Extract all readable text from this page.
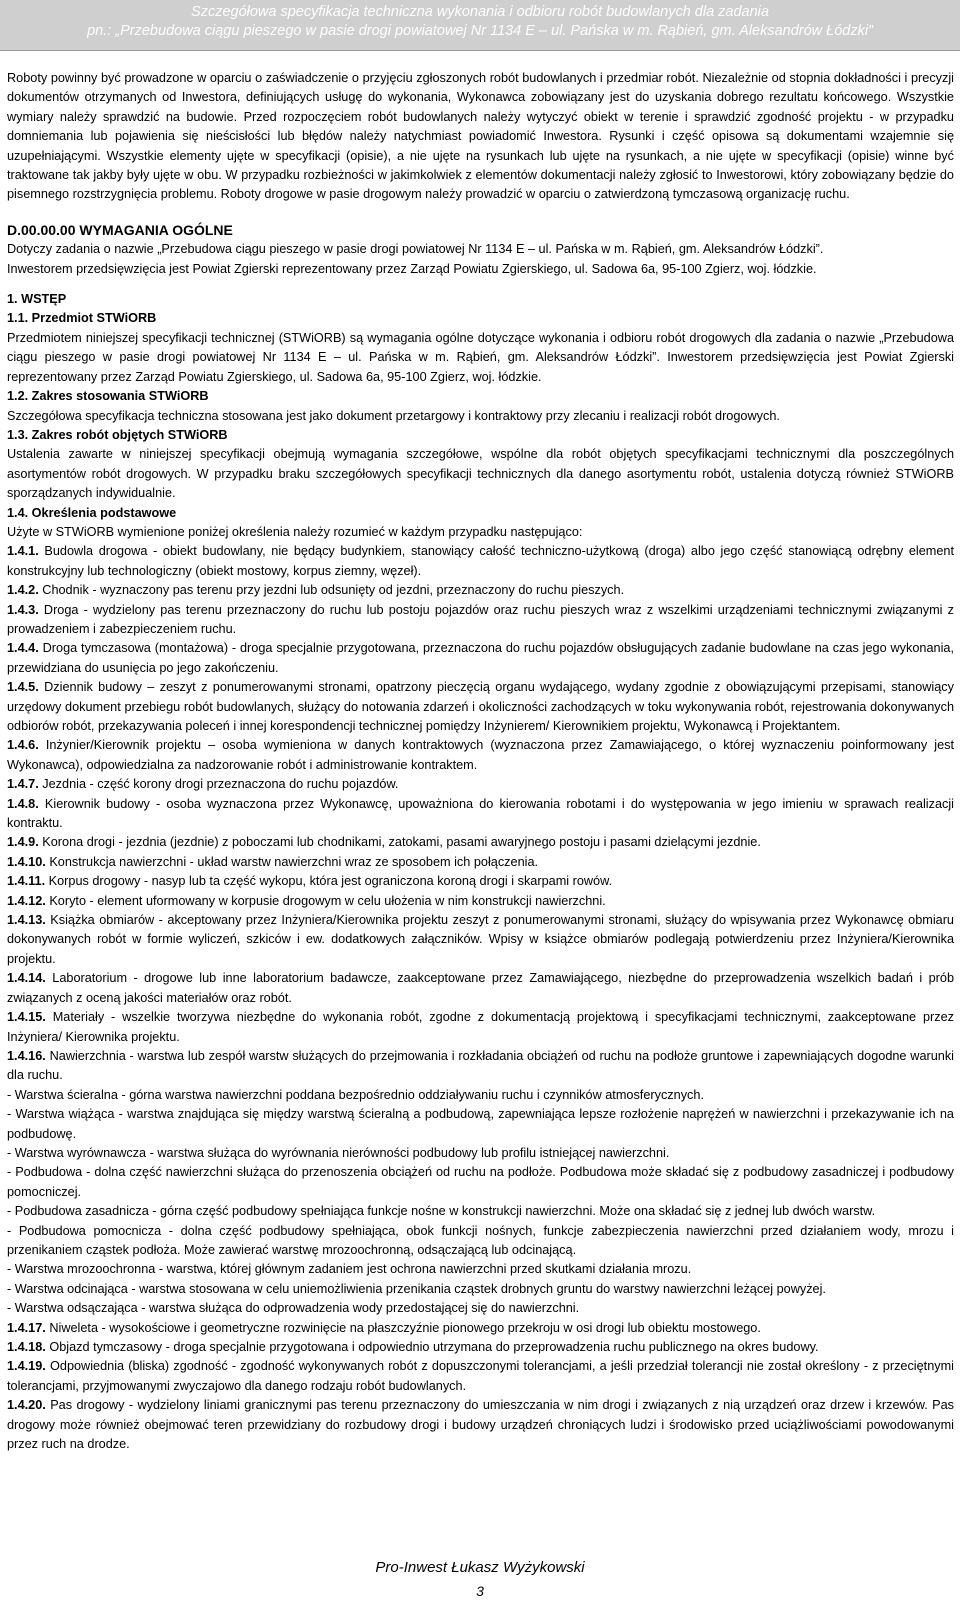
Szczegółowa specyfikacja techniczna wykonania i odbioru robót budowlanych dla zadania
pn.: „Przebudowa ciągu pieszego w pasie drogi powiatowej Nr 1134 E – ul. Pańska w m. Rąbień, gm. Aleksandrów Łódzki”

Roboty powinny być prowadzone w oparciu o zaświadczenie o przyjęciu zgłoszonych robót budowlanych i przedmiar robót. Niezależnie od stopnia dokładności i precyzji dokumentów otrzymanych od Inwestora, definiujących usługę do wykonania, Wykonawca zobowiązany jest do uzyskania dobrego rezultatu końcowego. Wszystkie wymiary należy sprawdzić na budowie. Przed rozpoczęciem robót budowlanych należy wytyczyć obiekt w terenie i sprawdzić zgodność projektu - w przypadku domniemania lub pojawienia się nieścisłości lub błędów należy natychmiast powiadomić Inwestora. Rysunki i część opisowa są dokumentami wzajemnie się uzupełniającymi. Wszystkie elementy ujęte w specyfikacji (opisie), a nie ujęte na rysunkach lub ujęte na rysunkach, a nie ujęte w specyfikacji (opisie) winne być traktowane tak jakby były ujęte w obu. W przypadku rozbieżności w jakimkolwiek z elementów dokumentacji należy zgłosić to Inwestorowi, który zobowiązany będzie do pisemnego rozstrzygnięcia problemu. Roboty drogowe w pasie drogowym należy prowadzić w oparciu o zatwierdzoną tymczasową organizację ruchu.

D.00.00.00 WYMAGANIA OGÓLNE

Dotyczy zadania o nazwie „Przebudowa ciągu pieszego w pasie drogi powiatowej Nr 1134 E – ul. Pańska w m. Rąbień, gm. Aleksandrów Łódzki”.

Inwestorem przedsięwzięcia jest Powiat Zgierski reprezentowany przez Zarząd Powiatu Zgierskiego, ul. Sadowa 6a, 95-100 Zgierz, woj. łódzkie.

1. WSTĘP

1.1. Przedmiot STWiORB

Przedmiotem niniejszej specyfikacji technicznej (STWiORB) są wymagania ogólne dotyczące wykonania i odbioru robót drogowych dla zadania o nazwie „Przebudowa ciągu pieszego w pasie drogi powiatowej Nr 1134 E – ul. Pańska w m. Rąbień, gm. Aleksandrów Łódzki”. Inwestorem przedsięwzięcia jest Powiat Zgierski reprezentowany przez Zarząd Powiatu Zgierskiego, ul. Sadowa 6a, 95-100 Zgierz, woj. łódzkie.

1.2. Zakres stosowania STWiORB

Szczegółowa specyfikacja techniczna stosowana jest jako dokument przetargowy i kontraktowy przy zlecaniu i realizacji robót drogowych.

1.3. Zakres robót objętych STWiORB

Ustalenia zawarte w niniejszej specyfikacji obejmują wymagania szczegółowe, wspólne dla robót objętych specyfikacjami technicznymi dla poszczególnych asortymentów robót drogowych. W przypadku braku szczegółowych specyfikacji technicznych dla danego asortymentu robót, ustalenia dotyczą również STWiORB sporządzanych indywidualnie.

1.4. Określenia podstawowe

Użyte w STWiORB wymienione poniżej określenia należy rozumieć w każdym przypadku następująco:

1.4.1. Budowla drogowa - obiekt budowlany, nie będący budynkiem, stanowiący całość techniczno-użytkową (droga) albo jego część stanowiącą odrębny element konstrukcyjny lub technologiczny (obiekt mostowy, korpus ziemny, węzeł).

1.4.2. Chodnik - wyznaczony pas terenu przy jezdni lub odsunięty od jezdni, przeznaczony do ruchu pieszych.

1.4.3. Droga - wydzielony pas terenu przeznaczony do ruchu lub postoju pojazdów oraz ruchu pieszych wraz z wszelkimi urządzeniami technicznymi związanymi z prowadzeniem i zabezpieczeniem ruchu.

1.4.4. Droga tymczasowa (montażowa) - droga specjalnie przygotowana, przeznaczona do ruchu pojazdów obsługujących zadanie budowlane na czas jego wykonania, przewidziana do usunięcia po jego zakończeniu.

1.4.5. Dziennik budowy – zeszyt z ponumerowanymi stronami, opatrzony pieczęcią organu wydającego, wydany zgodnie z obowiązującymi przepisami, stanowiący urzędowy dokument przebiegu robót budowlanych, służący do notowania zdarzeń i okoliczności zachodzących w toku wykonywania robót, rejestrowania dokonywanych odbiorów robót, przekazywania poleceń i innej korespondencji technicznej pomiędzy Inżynierem/ Kierownikiem projektu, Wykonawcą i Projektantem.

1.4.6. Inżynier/Kierownik projektu – osoba wymieniona w danych kontraktowych (wyznaczona przez Zamawiającego, o której wyznaczeniu poinformowany jest Wykonawca), odpowiedzialna za nadzorowanie robót i administrowanie kontraktem.

1.4.7. Jezdnia - część korony drogi przeznaczona do ruchu pojazdów.

1.4.8. Kierownik budowy - osoba wyznaczona przez Wykonawcę, upoważniona do kierowania robotami i do występowania w jego imieniu w sprawach realizacji kontraktu.

1.4.9. Korona drogi - jezdnia (jezdnie) z poboczami lub chodnikami, zatokami, pasami awaryjnego postoju i pasami dzielącymi jezdnie.

1.4.10. Konstrukcja nawierzchni - układ warstw nawierzchni wraz ze sposobem ich połączenia.

1.4.11. Korpus drogowy - nasyp lub ta część wykopu, która jest ograniczona koroną drogi i skarpami rowów.

1.4.12. Koryto - element uformowany w korpusie drogowym w celu ułożenia w nim konstrukcji nawierzchni.

1.4.13. Książka obmiarów - akceptowany przez Inżyniera/Kierownika projektu zeszyt z ponumerowanymi stronami, służący do wpisywania przez Wykonawcę obmiaru dokonywanych robót w formie wyliczeń, szkiców i ew. dodatkowych załączników. Wpisy w książce obmiarów podlegają potwierdzeniu przez Inżyniera/Kierownika projektu.

1.4.14. Laboratorium - drogowe lub inne laboratorium badawcze, zaakceptowane przez Zamawiającego, niezbędne do przeprowadzenia wszelkich badań i prób związanych z oceną jakości materiałów oraz robót.

1.4.15. Materiały - wszelkie tworzywa niezbędne do wykonania robót, zgodne z dokumentacją projektową i specyfikacjami technicznymi, zaakceptowane przez Inżyniera/ Kierownika projektu.

1.4.16. Nawierzchnia - warstwa lub zespół warstw służących do przejmowania i rozkładania obciążeń od ruchu na podłoże gruntowe i zapewniających dogodne warunki dla ruchu.

- Warstwa ścieralna - górna warstwa nawierzchni poddana bezpośrednio oddziaływaniu ruchu i czynników atmosferycznych.

- Warstwa wiążąca - warstwa znajdująca się między warstwą ścieralną a podbudową, zapewniająca lepsze rozłożenie naprężeń w nawierzchni i przekazywanie ich na podbudowę.

- Warstwa wyrównawcza - warstwa służąca do wyrównania nierówności podbudowy lub profilu istniejącej nawierzchni.

- Podbudowa - dolna część nawierzchni służąca do przenoszenia obciążeń od ruchu na podłoże. Podbudowa może składać się z podbudowy zasadniczej i podbudowy pomocniczej.

- Podbudowa zasadnicza - górna część podbudowy spełniająca funkcje nośne w konstrukcji nawierzchni. Może ona składać się z jednej lub dwóch warstw.

- Podbudowa pomocnicza - dolna część podbudowy spełniająca, obok funkcji nośnych, funkcje zabezpieczenia nawierzchni przed działaniem wody, mrozu i przenikaniem cząstek podłoża. Może zawierać warstwę mrozoochronną, odsączającą lub odcinającą.

- Warstwa mrozoochronna - warstwa, której głównym zadaniem jest ochrona nawierzchni przed skutkami działania mrozu.

- Warstwa odcinająca - warstwa stosowana w celu uniemożliwienia przenikania cząstek drobnych gruntu do warstwy nawierzchni leżącej powyżej.

- Warstwa odsączająca - warstwa służąca do odprowadzenia wody przedostającej się do nawierzchni.

1.4.17. Niweleta - wysokościowe i geometryczne rozwinięcie na płaszczyźnie pionowego przekroju w osi drogi lub obiektu mostowego.

1.4.18. Objazd tymczasowy - droga specjalnie przygotowana i odpowiednio utrzymana do przeprowadzenia ruchu publicznego na okres budowy.

1.4.19. Odpowiednia (bliska) zgodność - zgodność wykonywanych robót z dopuszczonymi tolerancjami, a jeśli przedział tolerancji nie został określony - z przeciętnymi tolerancjami, przyjmowanymi zwyczajowo dla danego rodzaju robót budowlanych.

1.4.20. Pas drogowy - wydzielony liniami granicznymi pas terenu przeznaczony do umieszczania w nim drogi i związanych z nią urządzeń oraz drzew i krzewów. Pas drogowy może również obejmować teren przewidziany do rozbudowy drogi i budowy urządzeń chroniących ludzi i środowisko przed uciążliwościami powodowanymi przez ruch na drodze.

Pro-Inwest Łukasz Wyżykowski
3
